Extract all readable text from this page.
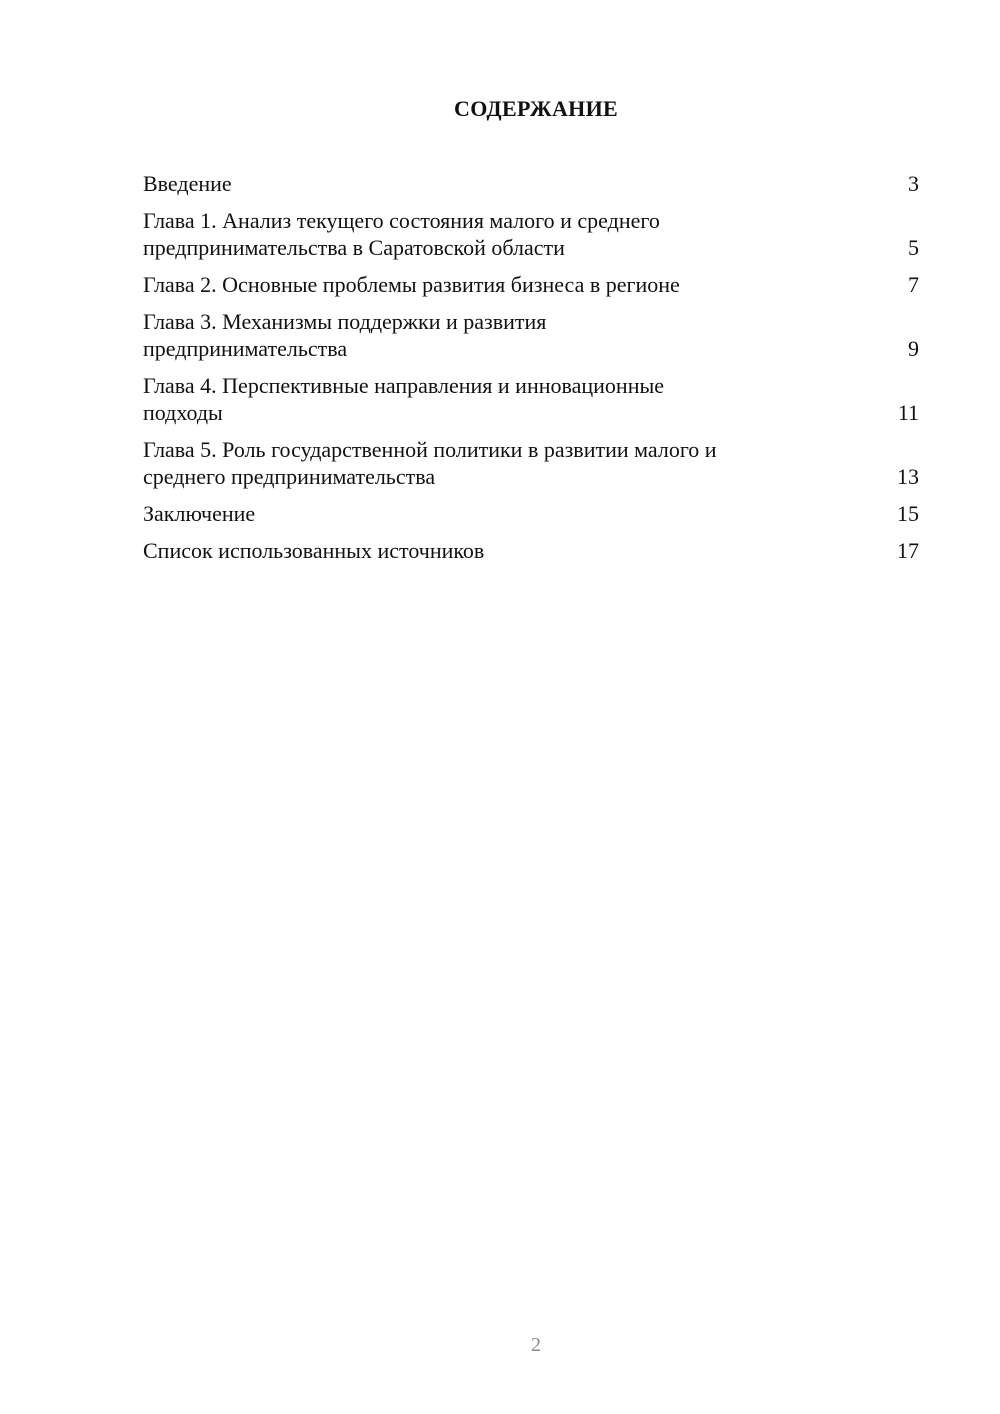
СОДЕРЖАНИЕ
Введение	3
Глава 1. Анализ текущего состояния малого и среднего
предпринимательства в Саратовской области	5
Глава 2. Основные проблемы развития бизнеса в регионе	7
Глава 3. Механизмы поддержки и развития
предпринимательства	9
Глава 4. Перспективные направления и инновационные
подходы	11
Глава 5. Роль государственной политики в развитии малого и
среднего предпринимательства	13
Заключение	15
Список использованных источников	17
2
